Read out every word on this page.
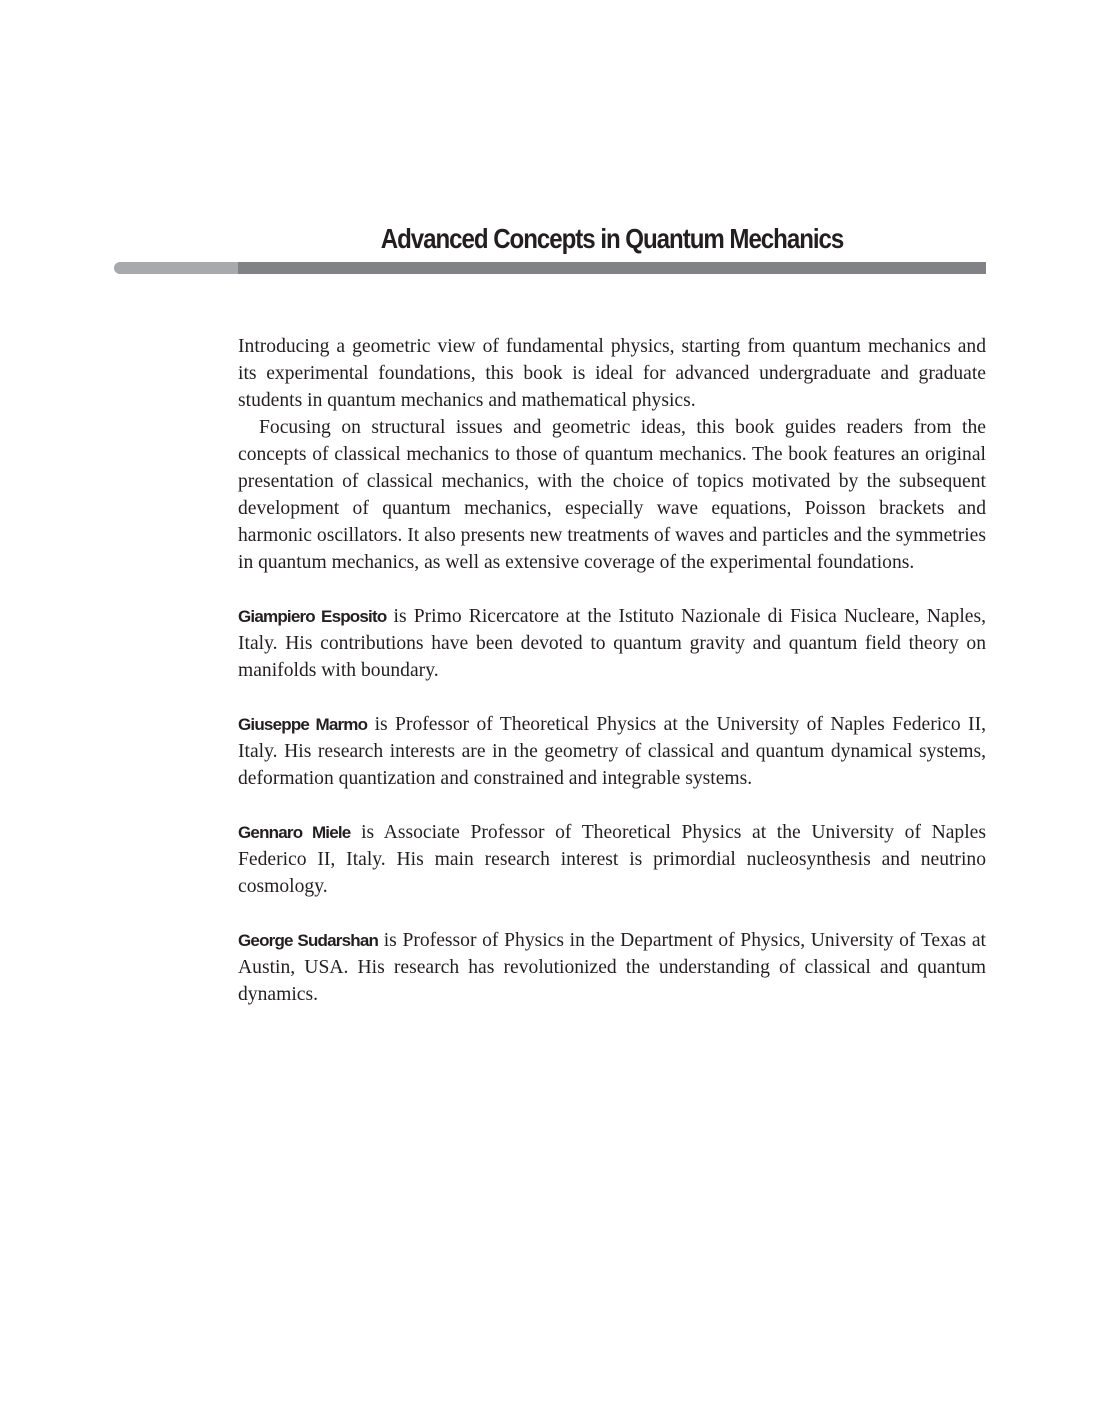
Advanced Concepts in Quantum Mechanics

Introducing a geometric view of fundamental physics, starting from quantum mechanics and its experimental foundations, this book is ideal for advanced undergraduate and graduate students in quantum mechanics and mathematical physics.

Focusing on structural issues and geometric ideas, this book guides readers from the concepts of classical mechanics to those of quantum mechanics. The book features an original presentation of classical mechanics, with the choice of topics motivated by the subsequent development of quantum mechanics, especially wave equations, Poisson brackets and harmonic oscillators. It also presents new treatments of waves and particles and the symmetries in quantum mechanics, as well as extensive coverage of the experimental foundations.

Giampiero Esposito is Primo Ricercatore at the Istituto Nazionale di Fisica Nucleare, Naples, Italy. His contributions have been devoted to quantum gravity and quantum field theory on manifolds with boundary.

Giuseppe Marmo is Professor of Theoretical Physics at the University of Naples Federico II, Italy. His research interests are in the geometry of classical and quantum dynamical systems, deformation quantization and constrained and integrable systems.

Gennaro Miele is Associate Professor of Theoretical Physics at the University of Naples Federico II, Italy. His main research interest is primordial nucleosynthesis and neutrino cosmology.

George Sudarshan is Professor of Physics in the Department of Physics, University of Texas at Austin, USA. His research has revolutionized the understanding of classical and quantum dynamics.
